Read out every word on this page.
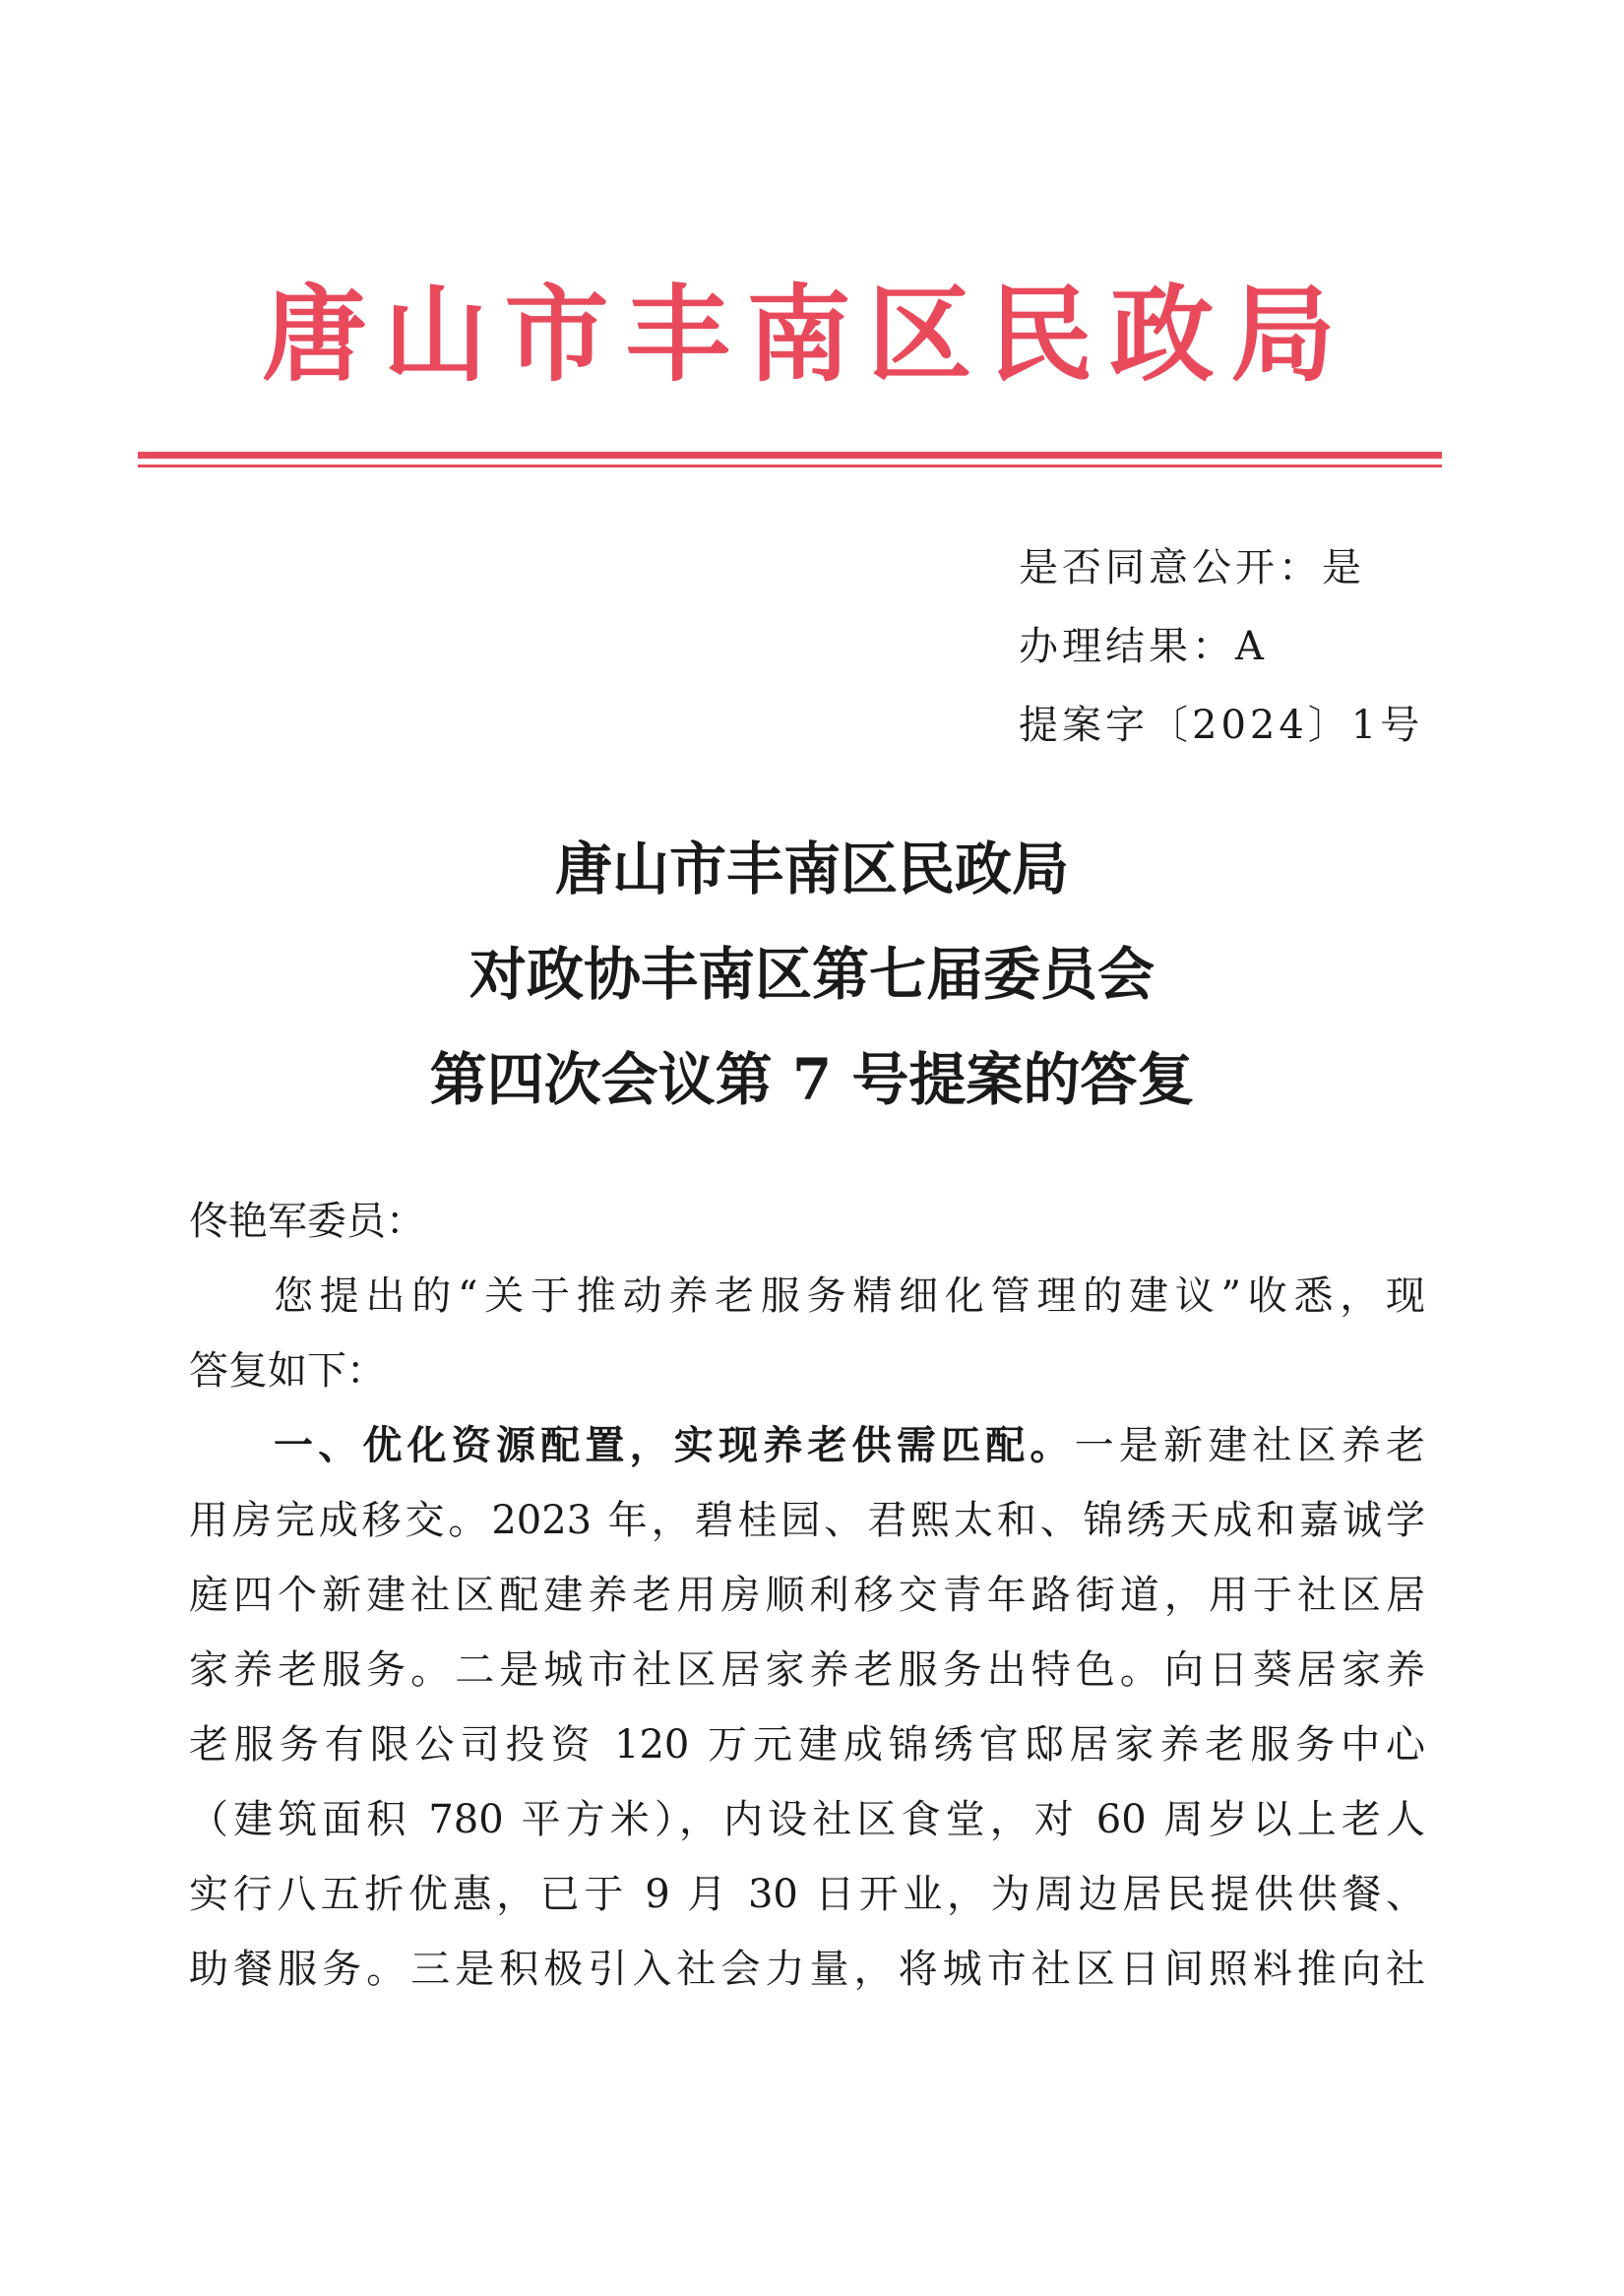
唐山市丰南区民政局
是否同意公开：是
办理结果：A
提案字〔2024〕1号
唐山市丰南区民政局
对政协丰南区第七届委员会
第四次会议第 7 号提案的答复
佟艳军委员：
您提出的“关于推动养老服务精细化管理的建议”收悉，现
答复如下：
一、优化资源配置，实现养老供需匹配。一是新建社区养老
用房完成移交。2023 年，碧桂园、君熙太和、锦绣天成和嘉诚学
庭四个新建社区配建养老用房顺利移交青年路街道，用于社区居
家养老服务。二是城市社区居家养老服务出特色。向日葵居家养
老服务有限公司投资 120 万元建成锦绣官邸居家养老服务中心
（建筑面积 780 平方米），内设社区食堂，对 60 周岁以上老人
实行八五折优惠，已于 9 月 30 日开业，为周边居民提供供餐、
助餐服务。三是积极引入社会力量，将城市社区日间照料推向社
